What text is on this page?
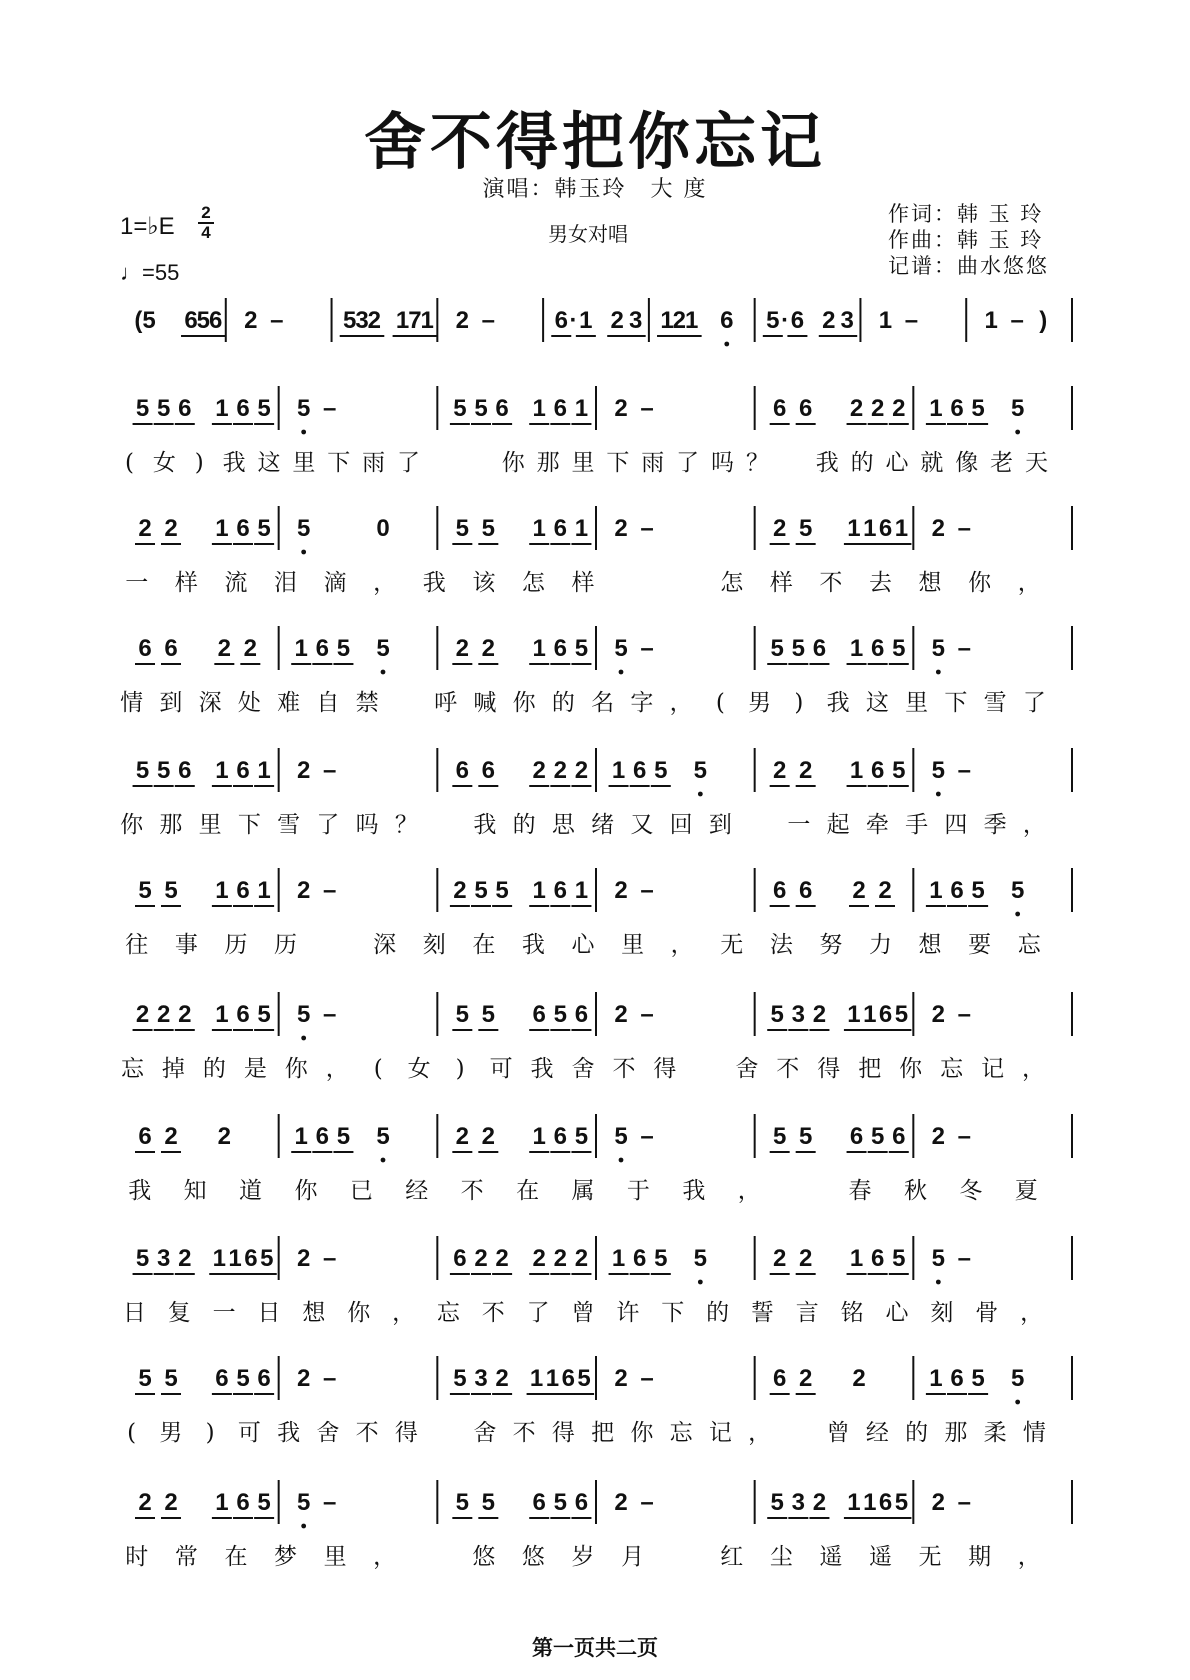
舍不得把你忘记
演唱：韩玉玲　大 度
1=♭E
2
4
♩=55
男女对唱
作词：韩 玉 玲
作曲：韩 玉 玲
记谱：曲水悠悠
(5 6
5
6 2 – 5
3
2 1
7
1 2 – 6 · 1 2 3 1
2
1 6 5 · 6 2 3 1 –	1 – )
5 5 6 1 6 5 5 –	5 5 6 1 6 1 2 –	6 6 2 2 2 1 6 5 5
( 女 ) 我 这 里 下 雨 了	你 那 里 下 雨 了 吗 ？ 我 的 心 就 像 老 天
2 2 1 6 5 5	0	5 5 1 6 1 2 –	2 5 1 1 6 1 2 –
一 样 流 泪 滴 ， 我 该 怎 样	怎 样 不 去 想 你 ，
6 6 2 2 1 6 5 5	2 2 1 6 5 5 –	5 5 6 1 6 5 5 –
情 到 深 处 难 自 禁 呼 喊 你 的 名 字 ， ( 男 ) 我 这 里 下 雪 了
5 5 6 1 6 1 2 –	6 6 2 2 2 1 6 5 5	2 2 1 6 5 5 –
你 那 里 下 雪 了 吗 ？ 我 的 思 绪 又 回 到 一 起 牵 手 四 季 ，
5 5 1 6 1 2 –	2 5 5 1 6 1 2 –	6 6 2 2 1 6 5 5
往 事 历 历	深 刻 在 我 心 里 ， 无 法 努 力 想 要 忘
2 2 2 1 6 5 5 –	5 5 6 5 6 2 –	5 3 2 1 1 6 5 2 –
忘 掉 的 是 你 ， ( 女 ) 可 我 舍 不 得	舍 不 得 把 你 忘 记 ，
6 2 2	1 6 5 5	2 2 1 6 5 5 –	5 5 6 5 6 2 –
我 知 道 你 已 经 不 在 属 于 我 ，	春 秋 冬 夏
5 3 2 1 1 6 5 2 –	6 2 2 2 2 2 1 6 5 5	2 2 1 6 5 5 –
日 复 一 日 想 你 ， 忘 不 了 曾 许 下 的 誓 言 铭 心 刻 骨 ，
5 5 6 5 6 2 –	5 3 2 1 1 6 5 2 –	6 2 2	1 6 5 5
( 男 ) 可 我 舍 不 得 舍 不 得 把 你 忘 记 ， 曾 经 的 那 柔 情
2 2 1 6 5 5 –	5 5 6 5 6 2 –	5 3 2 1 1 6 5 2 –
时 常 在 梦 里 ，	悠 悠 岁 月	红 尘 遥 遥 无 期 ，
第一页共二页
